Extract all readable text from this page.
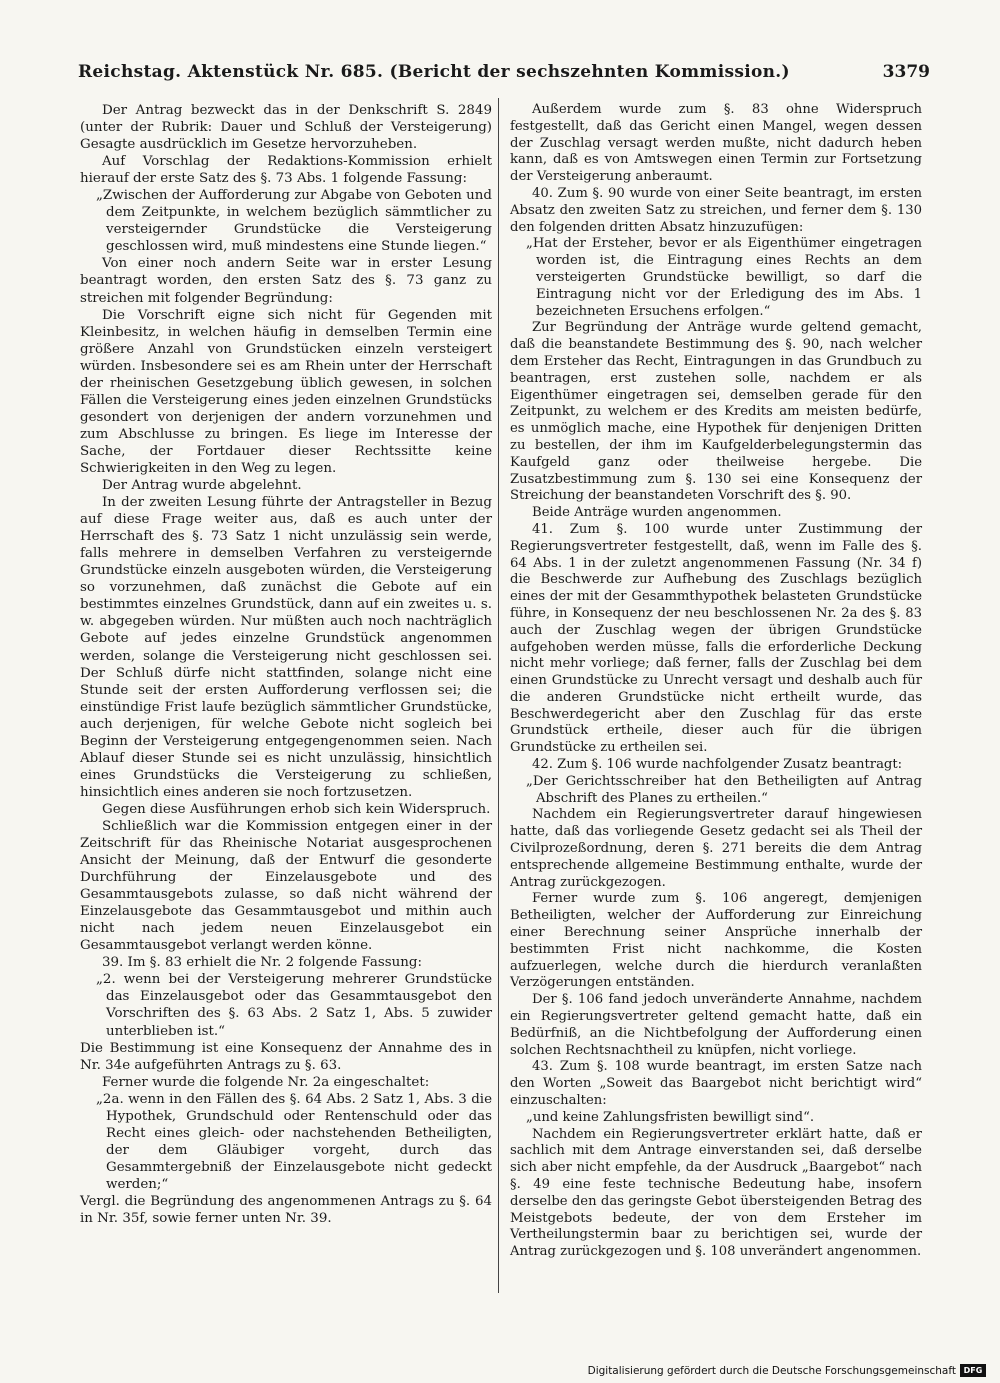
Reichstag. Aktenstück Nr. 685. (Bericht der sechszehnten Kommission.)	3379

Der Antrag bezweckt das in der Denkschrift S. 2849 (unter der Rubrik: Dauer und Schluß der Versteigerung) Gesagte ausdrücklich im Gesetze hervorzuheben.

Auf Vorschlag der Redaktions-Kommission erhielt hierauf der erste Satz des §. 73 Abs. 1 folgende Fassung:

„Zwischen der Aufforderung zur Abgabe von Geboten und dem Zeitpunkte, in welchem bezüglich sämmtlicher zu versteigernder Grundstücke die Versteigerung geschlossen wird, muß mindestens eine Stunde liegen.“

Von einer noch andern Seite war in erster Lesung beantragt worden, den ersten Satz des §. 73 ganz zu streichen mit folgender Begründung:

Die Vorschrift eigne sich nicht für Gegenden mit Kleinbesitz, in welchen häufig in demselben Termin eine größere Anzahl von Grundstücken einzeln versteigert würden. Insbesondere sei es am Rhein unter der Herrschaft der rheinischen Gesetzgebung üblich gewesen, in solchen Fällen die Versteigerung eines jeden einzelnen Grundstücks gesondert von derjenigen der andern vorzunehmen und zum Abschlusse zu bringen. Es liege im Interesse der Sache, der Fortdauer dieser Rechtssitte keine Schwierigkeiten in den Weg zu legen.

Der Antrag wurde abgelehnt.

In der zweiten Lesung führte der Antragsteller in Bezug auf diese Frage weiter aus, daß es auch unter der Herrschaft des §. 73 Satz 1 nicht unzulässig sein werde, falls mehrere in demselben Verfahren zu versteigernde Grundstücke einzeln ausgeboten würden, die Versteigerung so vorzunehmen, daß zunächst die Gebote auf ein bestimmtes einzelnes Grundstück, dann auf ein zweites u. s. w. abgegeben würden. Nur müßten auch noch nachträglich Gebote auf jedes einzelne Grundstück angenommen werden, solange die Versteigerung nicht geschlossen sei. Der Schluß dürfe nicht stattfinden, solange nicht eine Stunde seit der ersten Aufforderung verflossen sei; die einstündige Frist laufe bezüglich sämmtlicher Grundstücke, auch derjenigen, für welche Gebote nicht sogleich bei Beginn der Versteigerung entgegengenommen seien. Nach Ablauf dieser Stunde sei es nicht unzulässig, hinsichtlich eines Grundstücks die Versteigerung zu schließen, hinsichtlich eines anderen sie noch fortzusetzen.

Gegen diese Ausführungen erhob sich kein Widerspruch.

Schließlich war die Kommission entgegen einer in der Zeitschrift für das Rheinische Notariat ausgesprochenen Ansicht der Meinung, daß der Entwurf die gesonderte Durchführung der Einzelausgebote und des Gesammtausgebots zulasse, so daß nicht während der Einzelausgebote das Gesammtausgebot und mithin auch nicht nach jedem neuen Einzelausgebot ein Gesammtausgebot verlangt werden könne.

39. Im §. 83 erhielt die Nr. 2 folgende Fassung:

„2. wenn bei der Versteigerung mehrerer Grundstücke das Einzelausgebot oder das Gesammtausgebot den Vorschriften des §. 63 Abs. 2 Satz 1, Abs. 5 zuwider unterblieben ist.“

Die Bestimmung ist eine Konsequenz der Annahme des in Nr. 34e aufgeführten Antrags zu §. 63.

Ferner wurde die folgende Nr. 2a eingeschaltet:

„2a. wenn in den Fällen des §. 64 Abs. 2 Satz 1, Abs. 3 die Hypothek, Grundschuld oder Rentenschuld oder das Recht eines gleich- oder nachstehenden Betheiligten, der dem Gläubiger vorgeht, durch das Gesammtergebniß der Einzelausgebote nicht gedeckt werden;“

Vergl. die Begründung des angenommenen Antrags zu §. 64 in Nr. 35f, sowie ferner unten Nr. 39.

Außerdem wurde zum §. 83 ohne Widerspruch festgestellt, daß das Gericht einen Mangel, wegen dessen der Zuschlag versagt werden mußte, nicht dadurch heben kann, daß es von Amtswegen einen Termin zur Fortsetzung der Versteigerung anberaumt.

40. Zum §. 90 wurde von einer Seite beantragt, im ersten Absatz den zweiten Satz zu streichen, und ferner dem §. 130 den folgenden dritten Absatz hinzuzufügen:

„Hat der Ersteher, bevor er als Eigenthümer eingetragen worden ist, die Eintragung eines Rechts an dem versteigerten Grundstücke bewilligt, so darf die Eintragung nicht vor der Erledigung des im Abs. 1 bezeichneten Ersuchens erfolgen.“

Zur Begründung der Anträge wurde geltend gemacht, daß die beanstandete Bestimmung des §. 90, nach welcher dem Ersteher das Recht, Eintragungen in das Grundbuch zu beantragen, erst zustehen solle, nachdem er als Eigenthümer eingetragen sei, demselben gerade für den Zeitpunkt, zu welchem er des Kredits am meisten bedürfe, es unmöglich mache, eine Hypothek für denjenigen Dritten zu bestellen, der ihm im Kaufgelderbelegungstermin das Kaufgeld ganz oder theilweise hergebe. Die Zusatzbestimmung zum §. 130 sei eine Konsequenz der Streichung der beanstandeten Vorschrift des §. 90.

Beide Anträge wurden angenommen.

41. Zum §. 100 wurde unter Zustimmung der Regierungsvertreter festgestellt, daß, wenn im Falle des §. 64 Abs. 1 in der zuletzt angenommenen Fassung (Nr. 34 f) die Beschwerde zur Aufhebung des Zuschlags bezüglich eines der mit der Gesammthypothek belasteten Grundstücke führe, in Konsequenz der neu beschlossenen Nr. 2a des §. 83 auch der Zuschlag wegen der übrigen Grundstücke aufgehoben werden müsse, falls die erforderliche Deckung nicht mehr vorliege; daß ferner, falls der Zuschlag bei dem einen Grundstücke zu Unrecht versagt und deshalb auch für die anderen Grundstücke nicht ertheilt wurde, das Beschwerdegericht aber den Zuschlag für das erste Grundstück ertheile, dieser auch für die übrigen Grundstücke zu ertheilen sei.

42. Zum §. 106 wurde nachfolgender Zusatz beantragt:

„Der Gerichtsschreiber hat den Betheiligten auf Antrag Abschrift des Planes zu ertheilen.“

Nachdem ein Regierungsvertreter darauf hingewiesen hatte, daß das vorliegende Gesetz gedacht sei als Theil der Civilprozeßordnung, deren §. 271 bereits die dem Antrag entsprechende allgemeine Bestimmung enthalte, wurde der Antrag zurückgezogen.

Ferner wurde zum §. 106 angeregt, demjenigen Betheiligten, welcher der Aufforderung zur Einreichung einer Berechnung seiner Ansprüche innerhalb der bestimmten Frist nicht nachkomme, die Kosten aufzuerlegen, welche durch die hierdurch veranlaßten Verzögerungen entständen.

Der §. 106 fand jedoch unveränderte Annahme, nachdem ein Regierungsvertreter geltend gemacht hatte, daß ein Bedürfniß, an die Nichtbefolgung der Aufforderung einen solchen Rechtsnachtheil zu knüpfen, nicht vorliege.

43. Zum §. 108 wurde beantragt, im ersten Satze nach den Worten „Soweit das Baargebot nicht berichtigt wird“ einzuschalten:

„und keine Zahlungsfristen bewilligt sind“.

Nachdem ein Regierungsvertreter erklärt hatte, daß er sachlich mit dem Antrage einverstanden sei, daß derselbe sich aber nicht empfehle, da der Ausdruck „Baargebot“ nach §. 49 eine feste technische Bedeutung habe, insofern derselbe den das geringste Gebot übersteigenden Betrag des Meistgebots bedeute, der von dem Ersteher im Vertheilungstermin baar zu berichtigen sei, wurde der Antrag zurückgezogen und §. 108 unverändert angenommen.

Digitalisierung gefördert durch die Deutsche Forschungsgemeinschaft DFG
